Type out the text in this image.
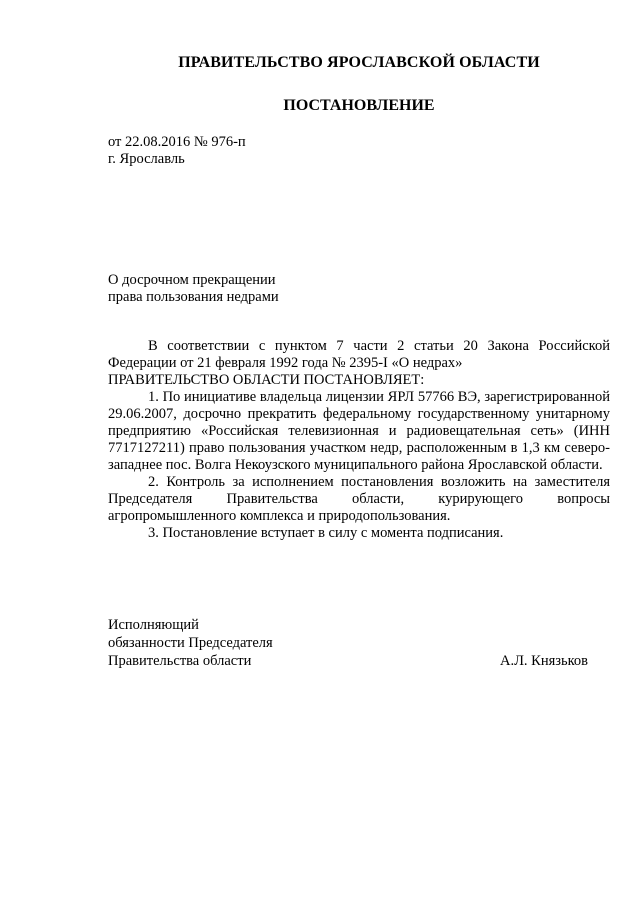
ПРАВИТЕЛЬСТВО ЯРОСЛАВСКОЙ ОБЛАСТИ
ПОСТАНОВЛЕНИЕ
от 22.08.2016 № 976-п
г. Ярославль
О досрочном прекращении
права пользования недрами

В соответствии с пунктом 7 части 2 статьи 20 Закона Российской Федерации от 21 февраля 1992 года № 2395-I «О недрах»

ПРАВИТЕЛЬСТВО ОБЛАСТИ ПОСТАНОВЛЯЕТ:

1. По инициативе владельца лицензии ЯРЛ 57766 ВЭ, зарегистрированной 29.06.2007, досрочно прекратить федеральному государственному унитарному предприятию «Российская телевизионная и радиовещательная сеть» (ИНН 7717127211) право пользования участком недр, расположенным в 1,3 км северо-западнее пос. Волга Некоузского муниципального района Ярославской области.

2. Контроль за исполнением постановления возложить на заместителя Председателя Правительства области, курирующего вопросы агропромышленного комплекса и природопользования.

3. Постановление вступает в силу с момента подписания.

Исполняющий
обязанности Председателя
Правительства области	А.Л. Князьков
